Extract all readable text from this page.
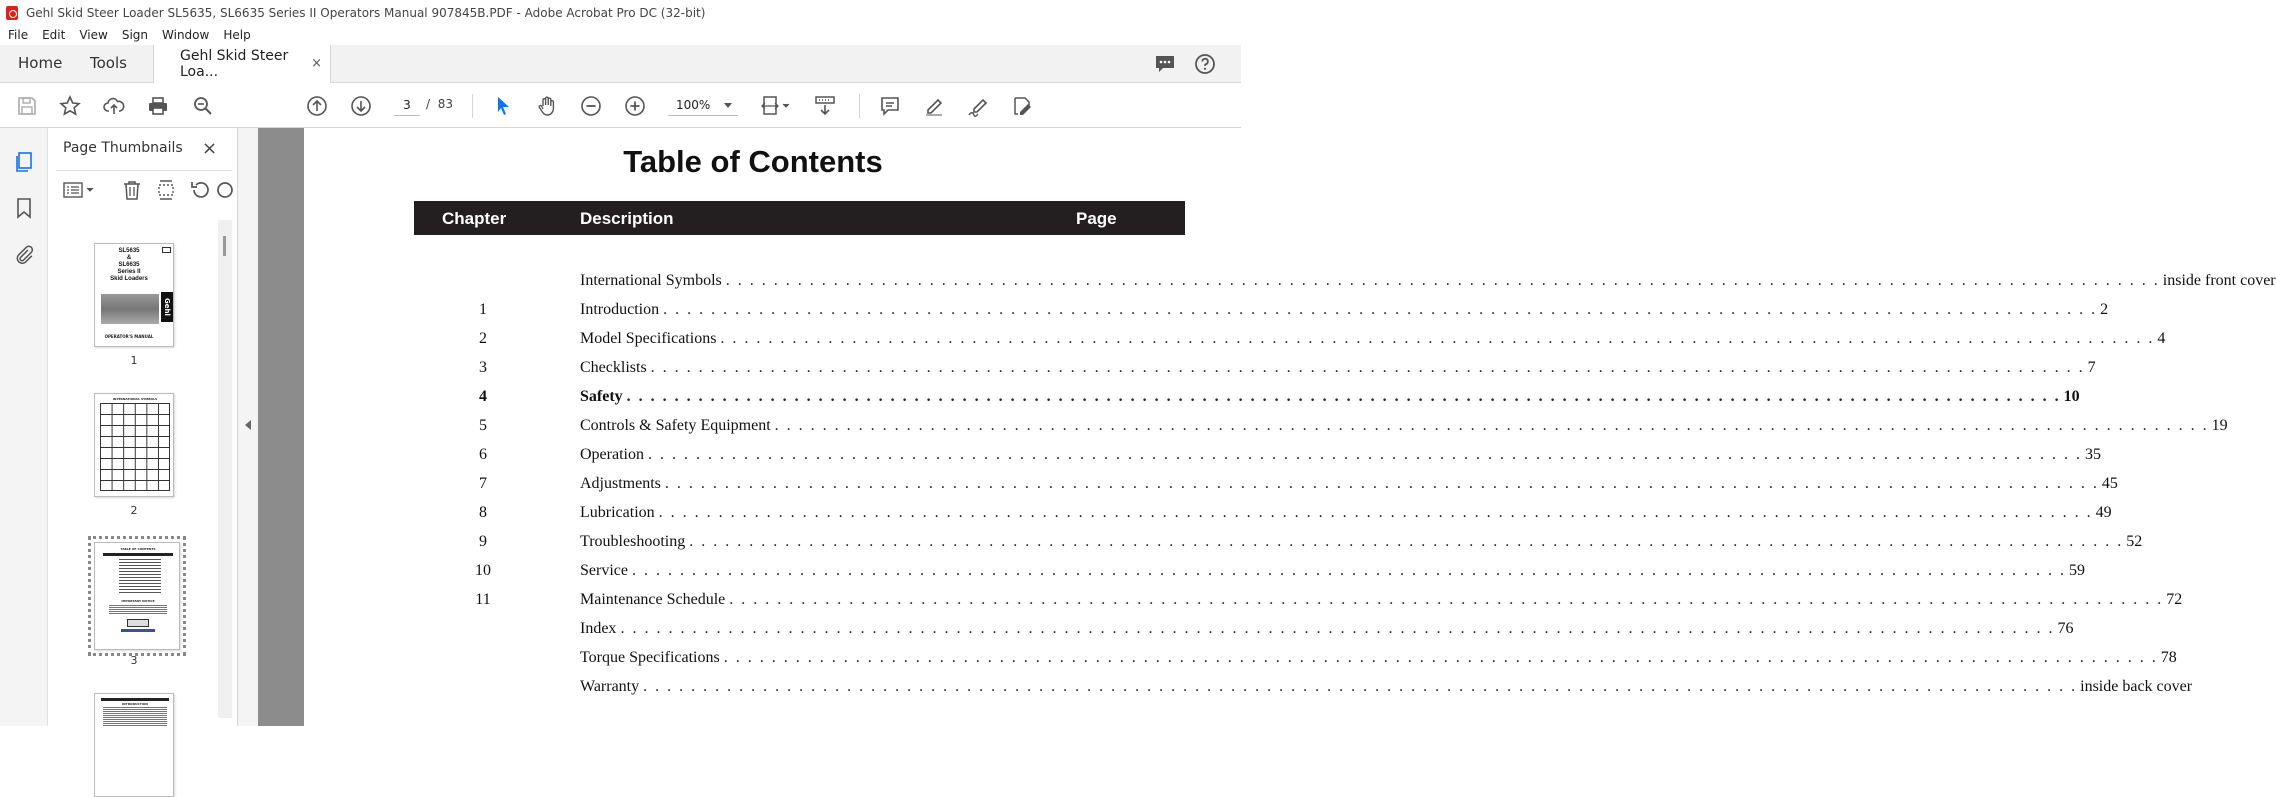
Gehl Skid Steer Loader SL5635, SL6635 Series II Operators Manual 907845B.PDF - Adobe Acrobat Pro DC (32-bit)
File Edit View Sign Window Help
Home Tools	Gehl Skid Steer Loa...
×
3	/ 83	100%
Page Thumbnails ×
SL5635
&
SL6635
Series II
Skid Loaders
Gehl
OPERATOR'S MANUAL
1
INTERNATIONAL SYMBOLS
2
TABLE OF CONTENTS
IMPORTANT NOTICE
3
INTRODUCTION
Table of Contents
Chapter	Description	Page
International Symbols . . . . . . . . . . . . . . . . . . . . . . . . . . . . . . . . . . . . . . . . . . . . . . . . . . . . . . . . . . . . . . . . . . . . . . . . . . . . . . . . . . . . . . . . . . . . . . . . . . . . . . . . . . . . . . . . . . . . . . . . inside front cover
1	Introduction . . . . . . . . . . . . . . . . . . . . . . . . . . . . . . . . . . . . . . . . . . . . . . . . . . . . . . . . . . . . . . . . . . . . . . . . . . . . . . . . . . . . . . . . . . . . . . . . . . . . . . . . . . . . . . . . . . . . . . . . 2
2	Model Specifications . . . . . . . . . . . . . . . . . . . . . . . . . . . . . . . . . . . . . . . . . . . . . . . . . . . . . . . . . . . . . . . . . . . . . . . . . . . . . . . . . . . . . . . . . . . . . . . . . . . . . . . . . . . . . . . . . . . . . . . . 4
3	Checklists . . . . . . . . . . . . . . . . . . . . . . . . . . . . . . . . . . . . . . . . . . . . . . . . . . . . . . . . . . . . . . . . . . . . . . . . . . . . . . . . . . . . . . . . . . . . . . . . . . . . . . . . . . . . . . . . . . . . . . . . 7
4	Safety . . . . . . . . . . . . . . . . . . . . . . . . . . . . . . . . . . . . . . . . . . . . . . . . . . . . . . . . . . . . . . . . . . . . . . . . . . . . . . . . . . . . . . . . . . . . . . . . . . . . . . . . . . . . . . . . . . . . . . . . 10
5	Controls & Safety Equipment . . . . . . . . . . . . . . . . . . . . . . . . . . . . . . . . . . . . . . . . . . . . . . . . . . . . . . . . . . . . . . . . . . . . . . . . . . . . . . . . . . . . . . . . . . . . . . . . . . . . . . . . . . . . . . . . . . . . . . . . 19
6	Operation . . . . . . . . . . . . . . . . . . . . . . . . . . . . . . . . . . . . . . . . . . . . . . . . . . . . . . . . . . . . . . . . . . . . . . . . . . . . . . . . . . . . . . . . . . . . . . . . . . . . . . . . . . . . . . . . . . . . . . . . 35
7	Adjustments . . . . . . . . . . . . . . . . . . . . . . . . . . . . . . . . . . . . . . . . . . . . . . . . . . . . . . . . . . . . . . . . . . . . . . . . . . . . . . . . . . . . . . . . . . . . . . . . . . . . . . . . . . . . . . . . . . . . . . . . 45
8	Lubrication . . . . . . . . . . . . . . . . . . . . . . . . . . . . . . . . . . . . . . . . . . . . . . . . . . . . . . . . . . . . . . . . . . . . . . . . . . . . . . . . . . . . . . . . . . . . . . . . . . . . . . . . . . . . . . . . . . . . . . . . 49
9	Troubleshooting . . . . . . . . . . . . . . . . . . . . . . . . . . . . . . . . . . . . . . . . . . . . . . . . . . . . . . . . . . . . . . . . . . . . . . . . . . . . . . . . . . . . . . . . . . . . . . . . . . . . . . . . . . . . . . . . . . . . . . . . 52
10	Service . . . . . . . . . . . . . . . . . . . . . . . . . . . . . . . . . . . . . . . . . . . . . . . . . . . . . . . . . . . . . . . . . . . . . . . . . . . . . . . . . . . . . . . . . . . . . . . . . . . . . . . . . . . . . . . . . . . . . . . . 59
11	Maintenance Schedule . . . . . . . . . . . . . . . . . . . . . . . . . . . . . . . . . . . . . . . . . . . . . . . . . . . . . . . . . . . . . . . . . . . . . . . . . . . . . . . . . . . . . . . . . . . . . . . . . . . . . . . . . . . . . . . . . . . . . . . . 72
Index . . . . . . . . . . . . . . . . . . . . . . . . . . . . . . . . . . . . . . . . . . . . . . . . . . . . . . . . . . . . . . . . . . . . . . . . . . . . . . . . . . . . . . . . . . . . . . . . . . . . . . . . . . . . . . . . . . . . . . . . 76
Torque Specifications . . . . . . . . . . . . . . . . . . . . . . . . . . . . . . . . . . . . . . . . . . . . . . . . . . . . . . . . . . . . . . . . . . . . . . . . . . . . . . . . . . . . . . . . . . . . . . . . . . . . . . . . . . . . . . . . . . . . . . . . 78
Warranty . . . . . . . . . . . . . . . . . . . . . . . . . . . . . . . . . . . . . . . . . . . . . . . . . . . . . . . . . . . . . . . . . . . . . . . . . . . . . . . . . . . . . . . . . . . . . . . . . . . . . . . . . . . . . . . . . . . . . . . . inside back cover
